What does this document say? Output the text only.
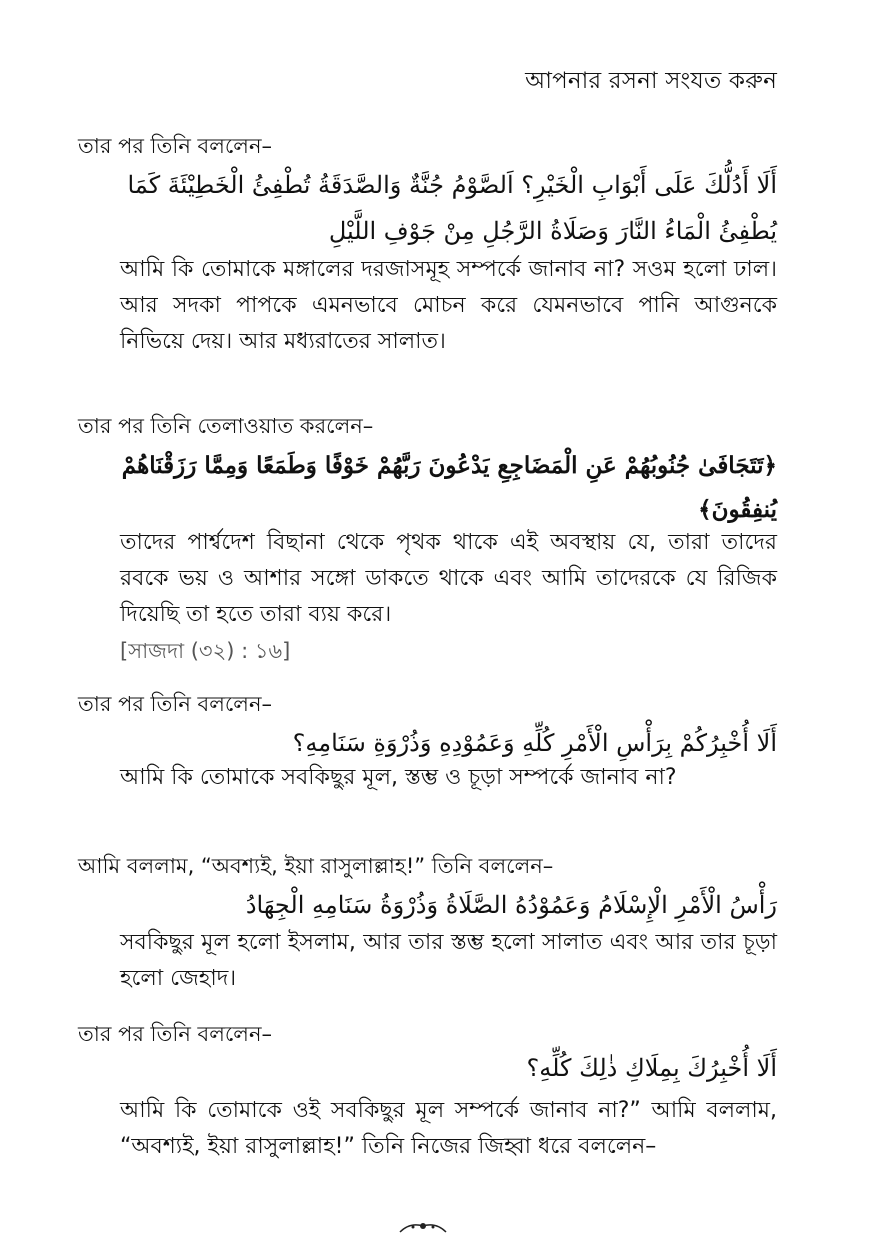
আপনার রসনা সংযত করুন
তার পর তিনি বললেন–
أَلَا أَدُلُّكَ عَلَى أَبْوَابِ الْخَيْرِ؟ اَلصَّوْمُ جُنَّةٌ وَالصَّدَقَةُ تُطْفِئُ الْخَطِيْئَةَ كَمَا يُطْفِئُ الْمَاءُ النَّارَ وَصَلَاةُ الرَّجُلِ مِنْ جَوْفِ اللَّيْلِ
আমি কি তোমাকে মঙ্গালের দরজাসমূহ সম্পর্কে জানাব না? সওম হলো ঢাল। আর সদকা পাপকে এমনভাবে মোচন করে যেমনভাবে পানি আগুনকে নিভিয়ে দেয়। আর মধ্যরাতের সালাত।
তার পর তিনি তেলাওয়াত করলেন–
﴿تَتَجَافَىٰ جُنُوبُهُمْ عَنِ الْمَضَاجِعِ يَدْعُونَ رَبَّهُمْ خَوْفًا وَطَمَعًا وَمِمَّا رَزَقْنَاهُمْ يُنفِقُونَ﴾
তাদের পার্শ্বদেশ বিছানা থেকে পৃথক থাকে এই অবস্থায় যে, তারা তাদের রবকে ভয় ও আশার সঙ্গো ডাকতে থাকে এবং আমি তাদেরকে যে রিজিক দিয়েছি তা হতে তারা ব্যয় করে।
[সাজদা (৩২) : ১৬]
তার পর তিনি বললেন–
أَلَا أُخْبِرُكُمْ بِرَأْسِ الْأَمْرِ كُلِّهِ وَعَمُوْدِهِ وَذُرْوَةِ سَنَامِهِ؟
আমি কি তোমাকে সবকিছুর মূল, স্তম্ভ ও চূড়া সম্পর্কে জানাব না?
আমি বললাম, “অবশ্যই, ইয়া রাসুলাল্লাহ!” তিনি বললেন–
رَأْسُ الْأَمْرِ الْإِسْلَامُ وَعَمُوْدُهُ الصَّلَاةُ وَذُرْوَةُ سَنَامِهِ الْجِهَادُ
সবকিছুর মূল হলো ইসলাম, আর তার স্তম্ভ হলো সালাত এবং আর তার চূড়া হলো জেহাদ।
তার পর তিনি বললেন–
أَلَا أُخْبِرُكَ بِمِلَاكِ ذٰلِكَ كُلِّهِ؟
আমি কি তোমাকে ওই সবকিছুর মূল সম্পর্কে জানাব না?” আমি বললাম, “অবশ্যই, ইয়া রাসুলাল্লাহ!” তিনি নিজের জিহ্বা ধরে বললেন–
